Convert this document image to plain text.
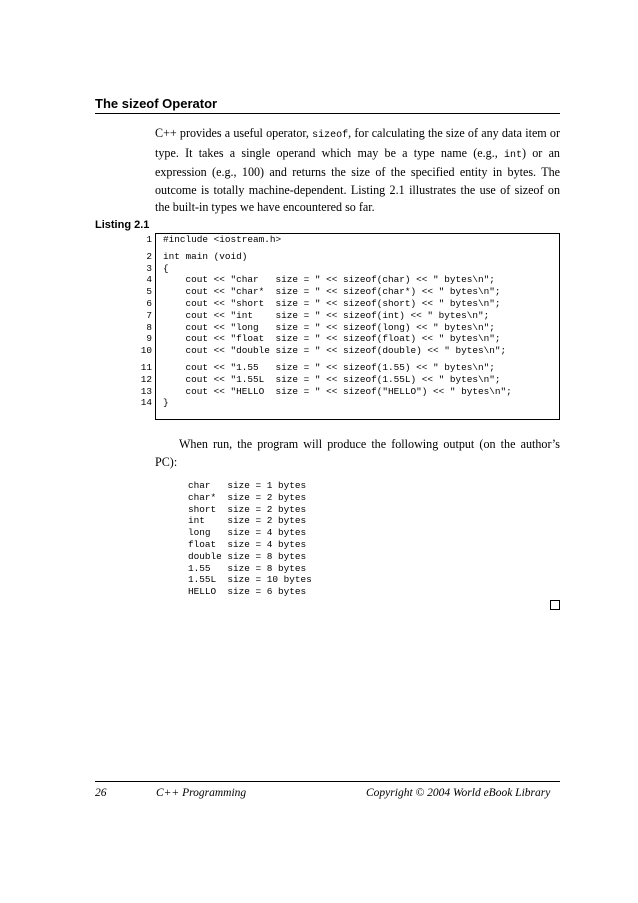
The sizeof Operator
C++ provides a useful operator, sizeof, for calculating the size of any data item or type. It takes a single operand which may be a type name (e.g., int) or an expression (e.g., 100) and returns the size of the specified entity in bytes. The outcome is totally machine-dependent. Listing 2.1 illustrates the use of sizeof on the built-in types we have encountered so far.
Listing 2.1
1
2
3
4
5
6
7
8
9
10
11
12
13
14
#include <iostream.h>
int main (void)
{
cout << "char   size = " << sizeof(char) << " bytes\n";
cout << "char*  size = " << sizeof(char*) << " bytes\n";
cout << "short  size = " << sizeof(short) << " bytes\n";
cout << "int    size = " << sizeof(int) << " bytes\n";
cout << "long   size = " << sizeof(long) << " bytes\n";
cout << "float  size = " << sizeof(float) << " bytes\n";
cout << "double size = " << sizeof(double) << " bytes\n";
cout << "1.55   size = " << sizeof(1.55) << " bytes\n";
cout << "1.55L  size = " << sizeof(1.55L) << " bytes\n";
cout << "HELLO  size = " << sizeof("HELLO") << " bytes\n";
}
When run, the program will produce the following output (on the author’s PC):
char   size = 1 bytes
char*  size = 2 bytes
short  size = 2 bytes
int    size = 2 bytes
long   size = 4 bytes
float  size = 4 bytes
double size = 8 bytes
1.55   size = 8 bytes
1.55L  size = 10 bytes
HELLO  size = 6 bytes
26	C++ Programming	Copyright © 2004 World eBook Library
